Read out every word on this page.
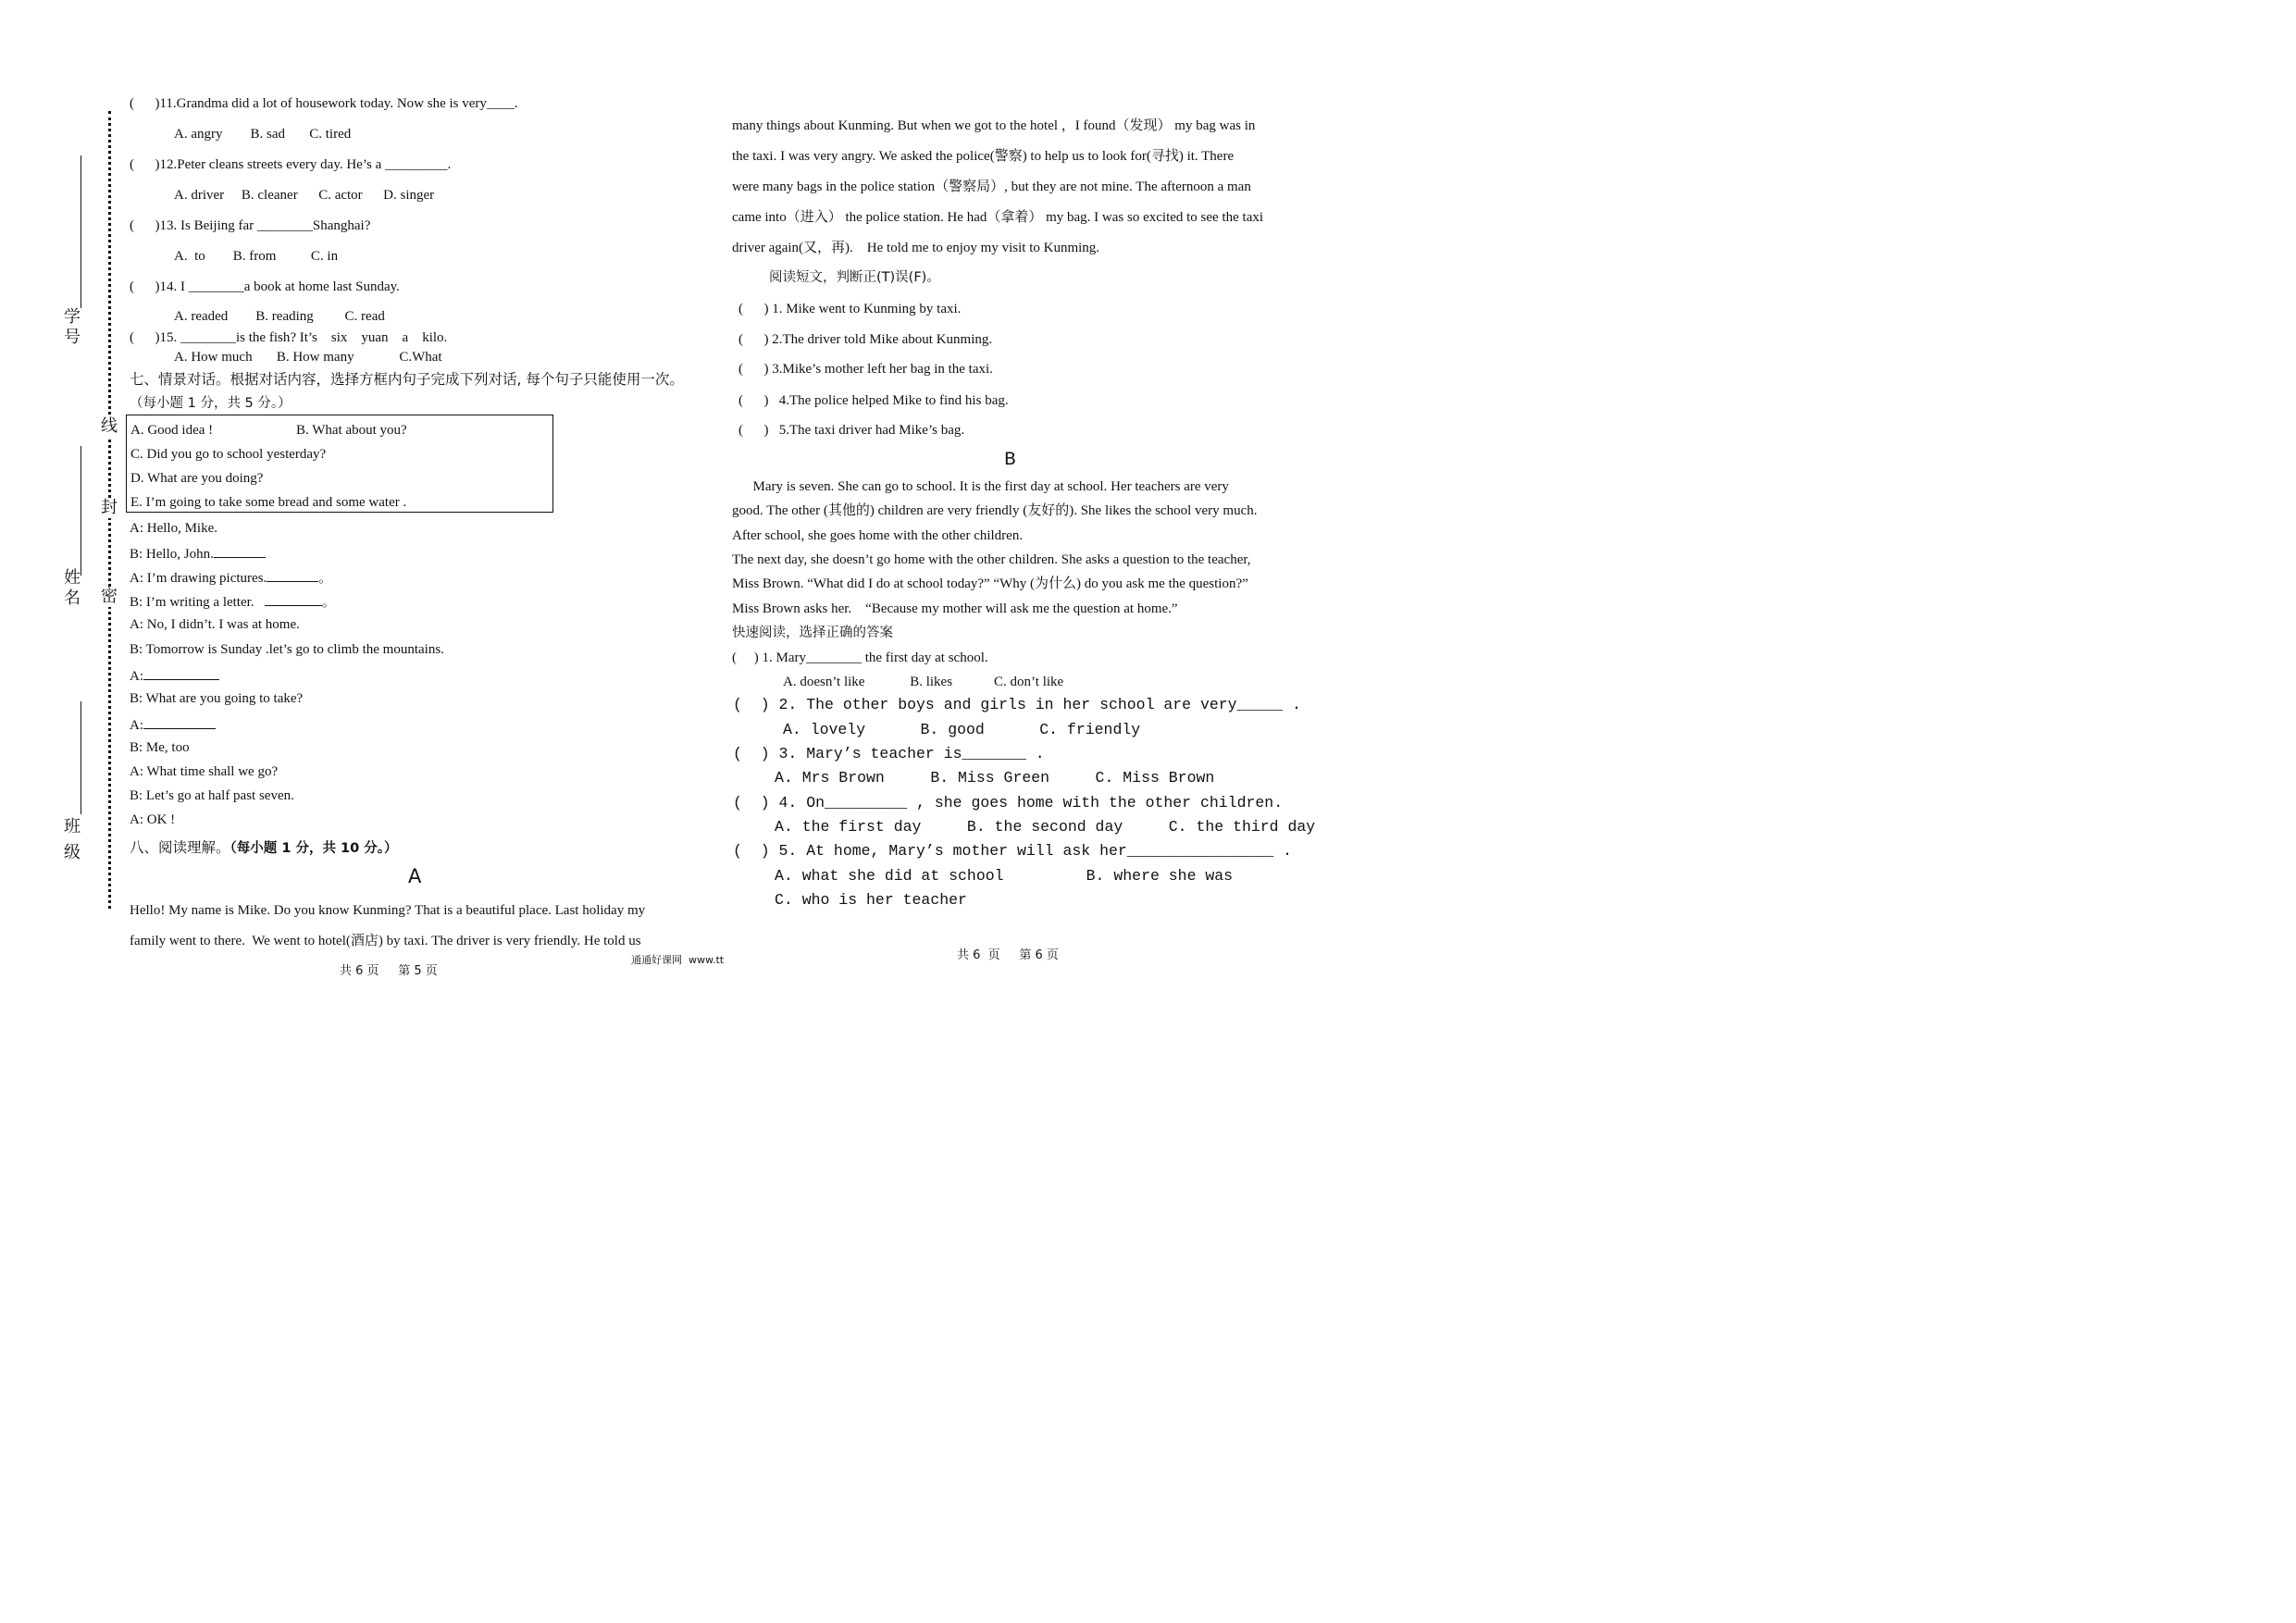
学号
姓名
班级
线
封
密
(      )11.Grandma did a lot of housework today. Now she is very____.
A. angry        B. sad       C. tired
(      )12.Peter cleans streets every day. He’s a _________.
A. driver     B. cleaner      C. actor      D. singer
(      )13. Is Beijing far ________Shanghai?
A.  to        B. from          C. in
(      )14. I ________a book at home last Sunday.
A. readed        B. reading         C. read
(      )15. ________is the fish? It’s    six    yuan    a    kilo.
A. How much       B. How many             C.What
七、情景对话。根据对话内容，选择方框内句子完成下列对话, 每个句子只能使用一次。
（每小题 1 分，共 5 分。）
A. Good idea !	B. What about you?
C. Did you go to school yesterday?
D. What are you doing?
E. I’m going to take some bread and some water .
A: Hello, Mike.
B: Hello, John.
A: I’m drawing pictures.	。
B: I’m writing a letter.	。
A: No, I didn’t. I was at home.
B: Tomorrow is Sunday .let’s go to climb the mountains.
A:
B: What are you going to take?
A:
B: Me, too
A: What time shall we go?
B: Let’s go at half past seven.
A: OK !
八、阅读理解。（每小题 1 分，共 10 分。）
A
Hello! My name is Mike. Do you know Kunming? That is a beautiful place. Last holiday my
family went to there.  We went to hotel(酒店) by taxi. The driver is very friendly. He told us
共 6 页     第 5 页
通通好课网  www.tt
many things about Kunming. But when we got to the hotel ，I found（发现） my bag was in
the taxi. I was very angry. We asked the police(警察) to help us to look for(寻找) it. There
were many bags in the police station（警察局）, but they are not mine. The afternoon a man
came into（进入） the police station. He had（拿着） my bag. I was so excited to see the taxi
driver again(又，再).    He told me to enjoy my visit to Kunming.
阅读短文，判断正(T)误(F)。
(      ) 1. Mike went to Kunming by taxi.
(      ) 2.The driver told Mike about Kunming.
(      ) 3.Mike’s mother left her bag in the taxi.
(      )   4.The police helped Mike to find his bag.
(      )   5.The taxi driver had Mike’s bag.
B
Mary is seven. She can go to school. It is the first day at school. Her teachers are very
good. The other (其他的) children are very friendly (友好的). She likes the school very much.
After school, she goes home with the other children.
The next day, she doesn’t go home with the other children. She asks a question to the teacher,
Miss Brown. “What did I do at school today?” “Why (为什么) do you ask me the question?”
Miss Brown asks her.    “Because my mother will ask me the question at home.”
快速阅读，选择正确的答案
(     ) 1. Mary________ the first day at school.
A. doesn’t like             B. likes            C. don’t like
(  ) 2. The other boys and girls in her school are very_____ .
A. lovely      B. good      C. friendly
(  ) 3. Mary’s teacher is_______ .
A. Mrs Brown     B. Miss Green     C. Miss Brown
(  ) 4. On_________ , she goes home with the other children.
A. the first day     B. the second day     C. the third day
(  ) 5. At home, Mary’s mother will ask her________________ .
A. what she did at school         B. where she was
C. who is her teacher
共 6  页     第 6 页
